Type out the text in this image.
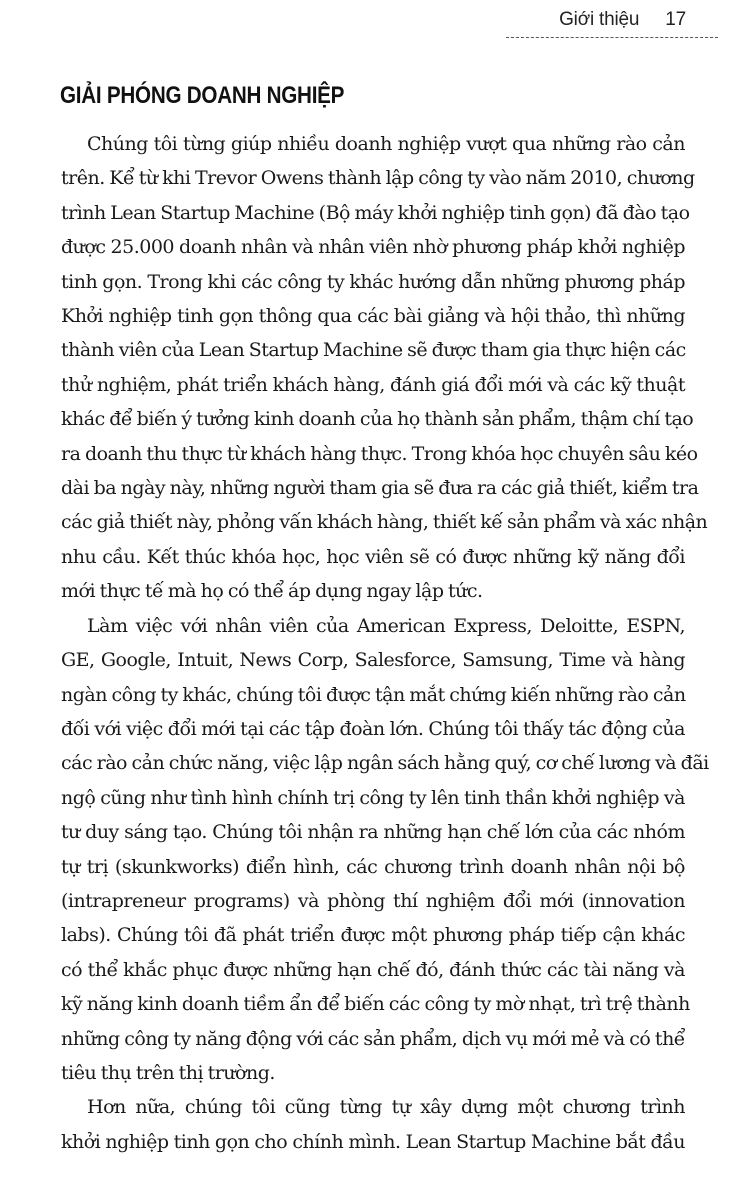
Giới thiệu 17
GIẢI PHÓNG DOANH NGHIỆP

Chúng tôi từng giúp nhiều doanh nghiệp vượt qua những rào cản
trên. Kể từ khi Trevor Owens thành lập công ty vào năm 2010, chương
trình Lean Startup Machine (Bộ máy khởi nghiệp tinh gọn) đã đào tạo
được 25.000 doanh nhân và nhân viên nhờ phương pháp khởi nghiệp
tinh gọn. Trong khi các công ty khác hướng dẫn những phương pháp
Khởi nghiệp tinh gọn thông qua các bài giảng và hội thảo, thì những
thành viên của Lean Startup Machine sẽ được tham gia thực hiện các
thử nghiệm, phát triển khách hàng, đánh giá đổi mới và các kỹ thuật
khác để biến ý tưởng kinh doanh của họ thành sản phẩm, thậm chí tạo
ra doanh thu thực từ khách hàng thực. Trong khóa học chuyên sâu kéo
dài ba ngày này, những người tham gia sẽ đưa ra các giả thiết, kiểm tra
các giả thiết này, phỏng vấn khách hàng, thiết kế sản phẩm và xác nhận
nhu cầu. Kết thúc khóa học, học viên sẽ có được những kỹ năng đổi
mới thực tế mà họ có thể áp dụng ngay lập tức.

Làm việc với nhân viên của American Express, Deloitte, ESPN,
GE, Google, Intuit, News Corp, Salesforce, Samsung, Time và hàng
ngàn công ty khác, chúng tôi được tận mắt chứng kiến những rào cản
đối với việc đổi mới tại các tập đoàn lớn. Chúng tôi thấy tác động của
các rào cản chức năng, việc lập ngân sách hằng quý, cơ chế lương và đãi
ngộ cũng như tình hình chính trị công ty lên tinh thần khởi nghiệp và
tư duy sáng tạo. Chúng tôi nhận ra những hạn chế lớn của các nhóm
tự trị (skunkworks) điển hình, các chương trình doanh nhân nội bộ
(intrapreneur programs) và phòng thí nghiệm đổi mới (innovation
labs). Chúng tôi đã phát triển được một phương pháp tiếp cận khác
có thể khắc phục được những hạn chế đó, đánh thức các tài năng và
kỹ năng kinh doanh tiềm ẩn để biến các công ty mờ nhạt, trì trệ thành
những công ty năng động với các sản phẩm, dịch vụ mới mẻ và có thể
tiêu thụ trên thị trường.

Hơn nữa, chúng tôi cũng từng tự xây dựng một chương trình
khởi nghiệp tinh gọn cho chính mình. Lean Startup Machine bắt đầu
